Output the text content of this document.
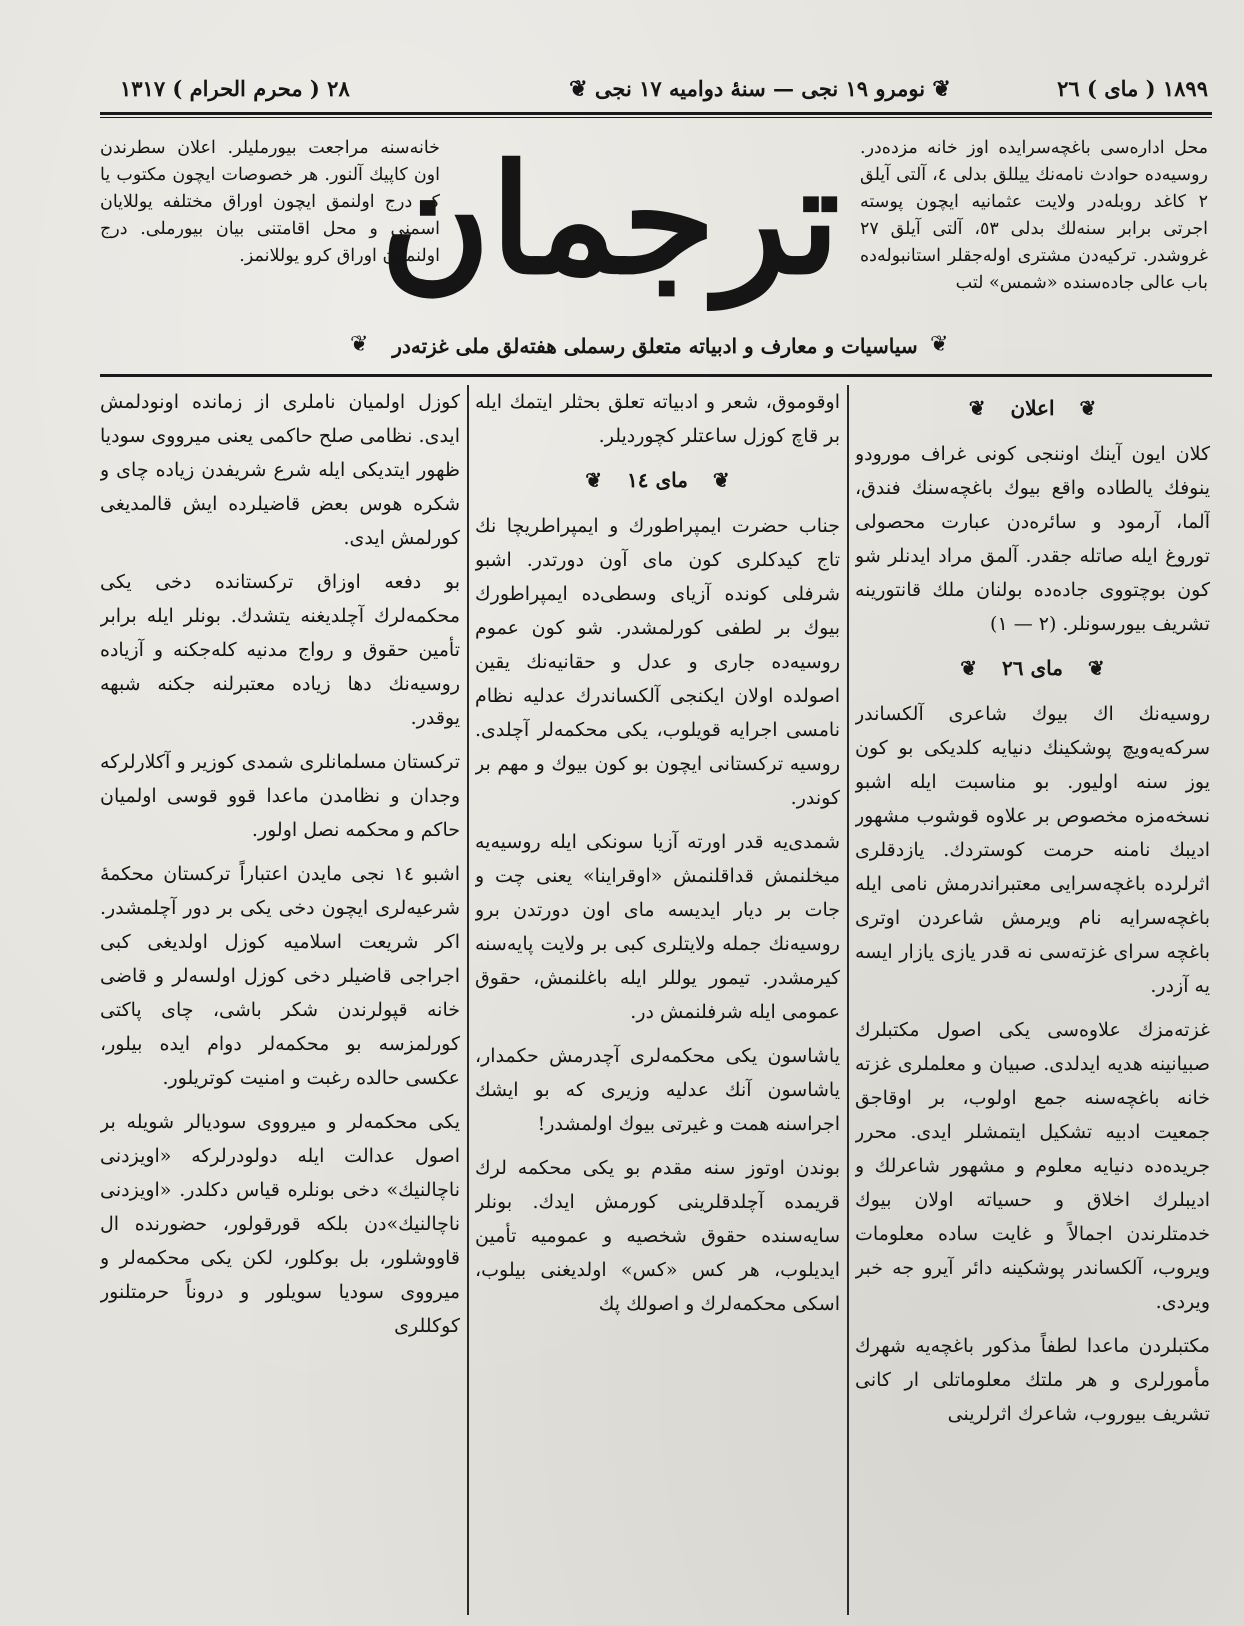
١٨٩٩ ( ماى ) ٢٦
❦ نومرو ١٩ نجى — سنهٔ دوامیه ١٧ نجى ❦
٢٨ ( محرم الحرام ) ١٣١٧
محل اداره‌سى باغچه‌سرایده اوز خانه مزده‌در. روسیه‌ده حوادث نامه‌نك ییللق بدلى ٤، آلتى آیلق ٢ كاغد روبله‌در ولایت عثمانیه ایچون پوسته اجرتى برابر سنه‌لك بدلى ٥٣، آلتى آیلق ٢٧ غروشدر. تركیه‌دن مشترى اوله‌جقلر استانبوله‌ده باب عالى جاده‌سنده «شمس» لتب
ترجمان
خانه‌سنه مراجعت بیورملیلر. اعلان سطرندن اون كاپیك آلنور. هر خصوصات ایچون مكتوب یا كه درج اولنمق ایچون اوراق مختلفه یوللایان اسمنى و محل اقامتنى بیان بیورملى. درج اولنمیان اوراق كرو یوللانمز.
❦
سیاسیات و معارف و ادبیاته متعلق رسملى هفته‌لق ملى غزته‌در
❦
❦ اعلان ❦

كلان ایون آینك اوننجى كونى غراف مورودو ینوفك یالطاده واقع بیوك باغچه‌سنك فندق، آلما، آرمود و سائره‌دن عبارت محصولى توروغ ایله صاتله جقدر. آلمق مراد ایدنلر شو كون بوچتووى جاده‌ده بولنان ملك قانتورینه تشریف بیورسونلر. (٢ — ١)

❦ ماى ٢٦ ❦

روسیه‌نك اك بیوك شاعرى آلكساندر سركه‌یه‌ویچ پوشكینك دنیایه كلدیكى بو كون یوز سنه اولیور. بو مناسبت ایله اشبو نسخه‌مزه مخصوص بر علاوه قوشوب مشهور ادیبك نامنه حرمت كوستردك. یازدقلرى اثرلرده باغچه‌سرایى معتبراندرمش نامى ایله باغچه‌سرایه نام ویرمش شاعردن اوترى باغچه سراى غزته‌سى نه قدر یازى یازار ایسه یه آزدر.

غزته‌مزك علاوه‌سى یكى اصول مكتبلرك صبیانینه هدیه ایدلدى. صبیان و معلملرى غزته خانه باغچه‌سنه جمع اولوب، بر اوقاجق جمعیت ادبیه تشكیل ایتمشلر ایدى. محرر جریده‌ده دنیایه معلوم و مشهور شاعرلك و ادیبلرك اخلاق و حسیاته اولان بیوك خدمتلرندن اجمالاً و غایت ساده معلومات ویروب، آلكساندر پوشكینه دائر آیرو جه خبر ویردى.

مكتبلردن ماعدا لطفاً مذكور باغچه‌یه شهرك مأمورلرى و هر ملتك معلوماتلى ار كانى تشریف بیوروب، شاعرك اثرلرینى

اوقوموق، شعر و ادبیاته تعلق بحثلر ایتمك ایله بر قاچ كوزل ساعتلر كچوردیلر.

❦ ماى ١٤ ❦

جناب حضرت ایمپراطورك و ایمپراطریچا نك تاج كیدكلرى كون ماى آون دورتدر. اشبو شرفلى كونده آزیاى وسطى‌ده ایمپراطورك بیوك بر لطفى كورلمشدر. شو كون عموم روسیه‌ده جارى و عدل و حقانیه‌نك یقین اصولده اولان ایكنجى آلكساندرك عدلیه نظام نامسى اجرایه قویلوب، یكى محكمه‌لر آچلدى. روسیه تركستانى ایچون بو كون بیوك و مهم بر كوندر.

شمدى‌یه قدر اورته آزیا سونكى ایله روسیه‌یه میخلنمش قداقلنمش «اوقراینا» یعنى چت و جات بر دیار ایدیسه ماى اون دورتدن برو روسیه‌نك جمله ولایتلرى كبى بر ولایت پایه‌سنه كیرمشدر. تیمور یوللر ایله باغلنمش، حقوق عمومى ایله شرفلنمش در.

یاشاسون یكى محكمه‌لرى آچدرمش حكمدار، یاشاسون آنك عدلیه وزیرى كه بو ایشك اجراسنه همت و غیرتى بیوك اولمشدر!

بوندن اوتوز سنه مقدم بو یكى محكمه لرك قریمده آچلدقلرینى كورمش ایدك. بونلر سایه‌سنده حقوق شخصیه و عمومیه تأمین ایدیلوب، هر كس «كس» اولدیغنى بیلوب، اسكى محكمه‌لرك و اصولك پك

كوزل اولمیان ناملرى از زمانده اونودلمش ایدى. نظامى صلح حاكمى یعنى میرووى سودیا ظهور ایتدیكى ایله شرع شریفدن زیاده چاى و شكره هوس بعض قاضیلرده ایش قالمدیغى كورلمش ایدى.

بو دفعه اوزاق تركستانده دخى یكى محكمه‌لرك آچلدیغنه یتشدك. بونلر ایله برابر تأمین حقوق و رواج مدنیه كله‌جكنه و آزیاده روسیه‌نك دها زیاده معتبرلنه جكنه شبهه یوقدر.

تركستان مسلمانلرى شمدى كوزیر و آكلارلركه وجدان و نظامدن ماعدا قوو قوسى اولمیان حاكم و محكمه نصل اولور.

اشبو ١٤ نجى مایدن اعتباراً تركستان محكمهٔ شرعیه‌لرى ایچون دخى یكى بر دور آچلمشدر. اكر شریعت اسلامیه كوزل اولدیغى كبى اجراجى قاضیلر دخى كوزل اولسه‌لر و قاضى خانه قپولرندن شكر باشى، چاى پاكتى كورلمزسه بو محكمه‌لر دوام ایده بیلور، عكسى حالده رغبت و امنیت كوتریلور.

یكى محكمه‌لر و میرووى سودیالر شویله بر اصول عدالت ایله دولودرلركه «اویزدنى ناچالنیك» دخى بونلره قیاس دكلدر. «اویزدنى ناچالنیك»دن بلكه قورقولور، حضورنده ال قاووشلور، بل بوكلور، لكن یكى محكمه‌لر و میرووى سودیا سویلور و دروناً حرمتلنور كوكللرى
